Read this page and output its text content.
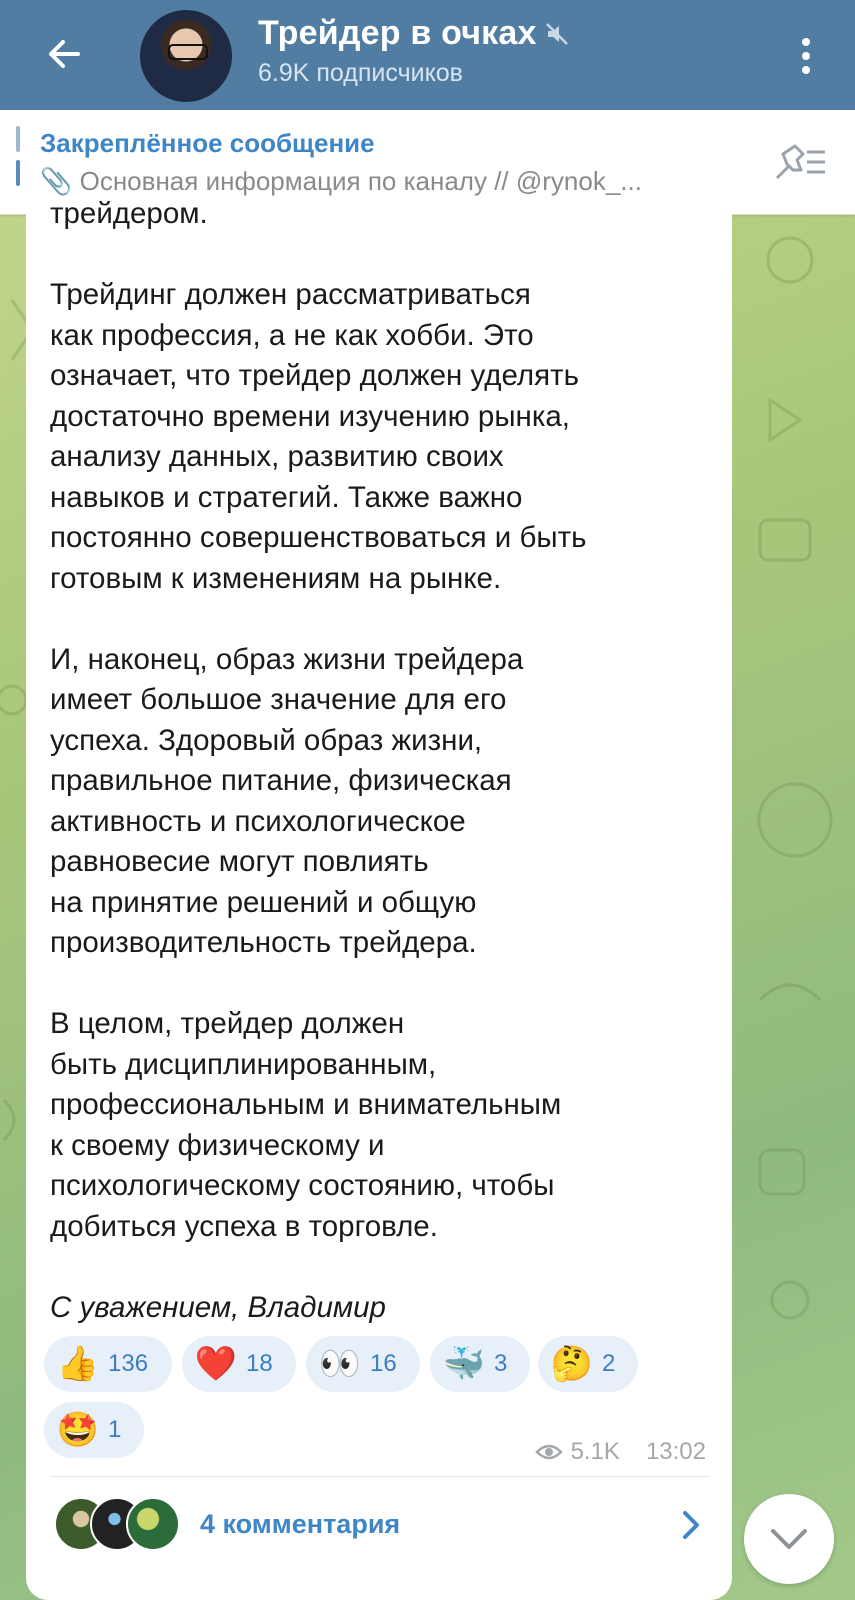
Трейдер в очках
6.9K подписчиков
Закреплённое сообщение
📎 Основная информация по каналу // @rynok_...
трейдером.

Трейдинг должен рассматриваться
как профессия, а не как хобби. Это
означает, что трейдер должен уделять
достаточно времени изучению рынка,
анализу данных, развитию своих
навыков и стратегий. Также важно
постоянно совершенствоваться и быть
готовым к изменениям на рынке.

И, наконец, образ жизни трейдера
имеет большое значение для его
успеха. Здоровый образ жизни,
правильное питание, физическая
активность и психологическое
равновесие могут повлиять
на принятие решений и общую
производительность трейдера.

В целом, трейдер должен
быть дисциплинированным,
профессиональным и внимательным
к своему физическому и
психологическому состоянию, чтобы
добиться успеха в торговле.

С уважением, Владимир
👍 136 ❤️ 18 👀 16 🐳 3 🤔 2
🤩 1
5.1K 13:02
4 комментария
